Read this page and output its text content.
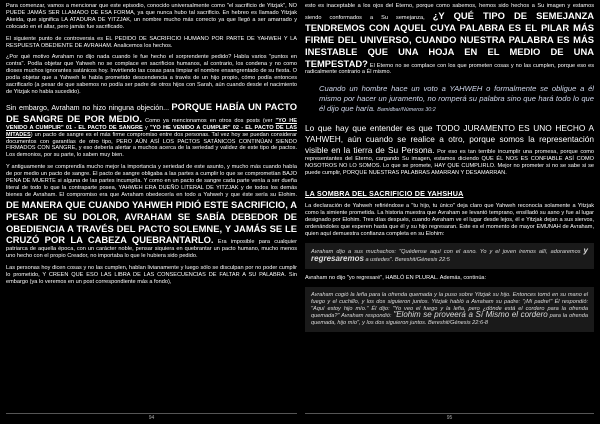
Para comenzar, vamos a mencionar que este episodio, conocido universalmente como "el sacrificio de Yitzjak", NO PUEDE JAMÁS SER LLAMADO DE ESA FORMA, ya que nunca hubo tal sacrificio. En hebreo es llamado Yitzjak Akeida, que significa LA ATADURA DE YITZJAK, un nombre mucho más correcto ya que llegó a ser amarrado y colocado en el altar, pero jamás fue sacrificado.

El siguiente punto de controversia es EL PEDIDO DE SACRIFICIO HUMANO POR PARTE DE YAHWEH Y LA RESPUESTA OBEDIENTE DE AVRAHAM. Analicemos los hechos.

¿Por qué motivo Avraham no dijo nada cuando le fue hecho el sorprendente pedido? Había varios "puntos en contra". Podía objetar que Yahweh no se complace en sacrificios humanos, al contrario, los condena y no como dioses muchos ignorantes satánicos hoy. Invirtiendo las cosas para limpiar el nombre ensangrentado de su fiesta. O podía objetar que a Yahweh le había prometido descendencia a través de un hijo propio, cómo podía entonces sacrificarlo (a pesar de que sabemos no podía ser padre de otros hijos con Sarah, aún cuando desde el nacimiento de Yitzjak no había sucedido).

Sin embargo, Avraham no hizo ninguna objeción... PORQUE HABÍA UN PACTO DE SANGRE DE POR MEDIO. Como ya mencionamos en otros dos posts (ver "YO HE VENIDO A CUMPLIR" 01 - EL PACTO DE SANGRE y "YO HE VENIDO A CUMPLIR" 02 - EL PACTO DE LAS MITADES) un pacto de sangre es el más firme compromiso entre dos personas. Tal vez hoy se puedan considerar documentos con garantías de otro tipo, PERO AÚN ASÍ LOS PACTOS SATÁNICOS CONTINÚAN SIENDO FIRMADOS CON SANGRE, y eso debería alertar a muchos acerca de la seriedad y validez de este tipo de pactos. Los demonios, por su parte, lo saben muy bien.

Y antiguamente se comprendía mucho mejor la importancia y seriedad de este asunto, y mucho más cuando había de por medio un pacto de sangre. El pacto de sangre obligaba a las partes a cumplir lo que se comprometían BAJO PENA DE MUERTE si alguna de las partes incumplía. Y como en un pacto de sangre cada parte venía a ser dueña literal de todo lo que la contraparte posea, YAHWEH ERA DUEÑO LITERAL DE YITZJAK y de todos los demás bienes de Avraham. El compromiso era que Avraham obedecería en todo a Yahweh y que éste sería su Elohim. DE MANERA QUE CUANDO YAHWEH PIDIÓ ESTE SACRIFICIO, A PESAR DE SU DOLOR, AVRAHAM SE SABÍA DEBEDOR DE OBEDIENCIA A TRAVÉS DEL PACTO SOLEMNE, Y JAMÁS SE LE CRUZÓ POR LA CABEZA QUEBRANTARLO. Era imposible para cualquier patriarca de aquella época, con un carácter noble, pensar siquiera en quebrantar un pacto humano, mucho menos uno hecho con el propio Creador, no importaba lo que le hubiera sido pedido.

Las personas hoy dicen cosas y no las cumplen, hablan livianamente y luego sólo se disculpan por no poder cumplir lo prometido, Y CREEN QUE ESO LAS LIBRA DE LAS CONSECUENCIAS DE FALTAR A SU PALABRA. Sin embargo (ya lo veremos en un post correspondiente más a fondo),

esto es inaceptable a los ojos del Eterno, porque como sabemos, hemos sido hechos a Su imagen y estamos siendo conformados a Su semejanza, ¿Y QUÉ TIPO DE SEMEJANZA TENDREMOS CON AQUEL CUYA PALABRA ES EL PILAR MÁS FIRME DEL UNIVERSO, CUANDO NUESTRA PALABRA ES MÁS INESTABLE QUE UNA HOJA EN EL MEDIO DE UNA TEMPESTAD? El Eterno no se complace con los que prometen cosas y no las cumplen, porque eso es radicalmente contrario a Él mismo.

Cuando un hombre hace un voto a YAHWEH o formalmente se obligue a él mismo por hacer un juramento, no romperá su palabra sino que hará todo lo que él dijo que haría. Bamidbar/Números 30:2

Lo que hay que entender es que TODO JURAMENTO ES UNO HECHO A YAHWEH, aún cuando se realice a otro, porque somos la representación visible en la tierra de Su Persona. Por eso es tan terrible incumplir una promesa, porque como representantes del Eterno, cargando Su imagen, estamos diciendo QUE ÉL NOS ES CONFIABLE ASÍ COMO NOSOTROS NO LO SOMOS. Lo que se promete, HAY QUE CUMPLIRLO. Mejor no prometer si no se sabe si se puede cumplir, PORQUE NUESTRAS PALABRAS AMARRAN Y DESAMARRAN.

LA SOMBRA DEL SACRIFICIO DE YAHSHUA

La declaración de Yahweh refiriéndose a "tu hijo, tu único" deja claro que Yahweh reconocía solamente a Yitzjak como la simiente prometida. La historia muestra que Avraham se levantó temprano, ensilladó su asno y fue al lugar designado por Elohim. Tres días después, cuando Avraham ve el lugar desde lejos, él e Yitzjak dejan a sus siervos, ordenándoles que esperen hasta que él y su hijo regresaran. Este es el momento de mayor EMUNAH de Avraham, quien aquí demuestra confianza completa en su Elohim:

Avraham dijo a sus muchachos: "Quédense aquí con el asno. Yo y el joven iremos allí, adoraremos y regresaremos a ustedes". Bereshit/Génesis 22:5

Avraham no dijo "yo regresaré", HABLÓ EN PLURAL. Además, continúa:

Avraham cogió la leña para la ofrenda quemada y la puso sobre Yitzjak su hijo. Entonces tomó en su mano el fuego y el cuchillo, y los dos siguieron juntos. Yitzjak habló a Avraham su padre: "¡Mi padre!" Él respondió: "Aquí estoy hijo mío." Él dijo: "Yo veo el fuego y la leña, pero ¿dónde está el cordero para la ofrenda quemada?" Avraham respondió: "Elohim se proveerá a Sí Mismo el cordero para la ofrenda quemada, hijo mío", y los dos siguieron juntos. Bereshit/Génesis 22:6-8

94	95
